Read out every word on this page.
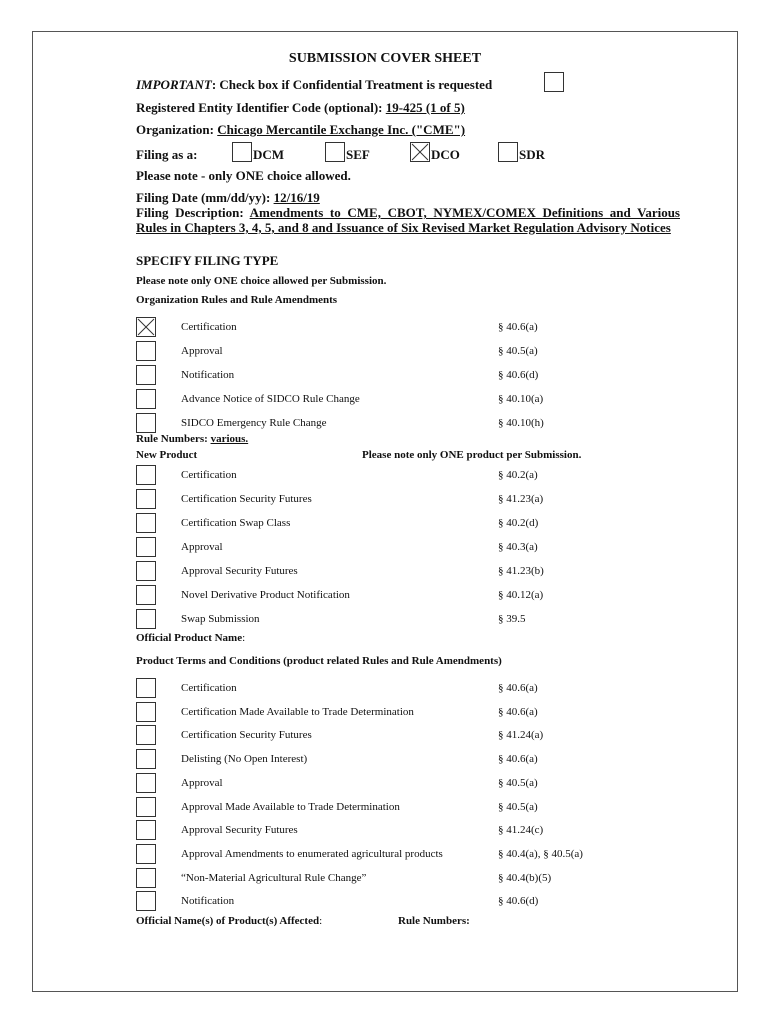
SUBMISSION COVER SHEET
IMPORTANT: Check box if Confidential Treatment is requested
Registered Entity Identifier Code (optional): 19-425 (1 of 5)
Organization: Chicago Mercantile Exchange Inc. ("CME")
Filing as a:	DCM	SEF	DCO	SDR
Please note - only ONE choice allowed.
Filing Date (mm/dd/yy): 12/16/19
Filing Description: Amendments to CME, CBOT, NYMEX/COMEX Definitions and Various Rules in Chapters 3, 4, 5, and 8 and Issuance of Six Revised Market Regulation Advisory Notices
SPECIFY FILING TYPE
Please note only ONE choice allowed per Submission.
Organization Rules and Rule Amendments
Certification	§ 40.6(a)
Approval	§ 40.5(a)
Notification	§ 40.6(d)
Advance Notice of SIDCO Rule Change	§ 40.10(a)
SIDCO Emergency Rule Change	§ 40.10(h)
Rule Numbers: various.
New Product	Please note only ONE product per Submission.
Certification	§ 40.2(a)
Certification Security Futures	§ 41.23(a)
Certification Swap Class	§ 40.2(d)
Approval	§ 40.3(a)
Approval Security Futures	§ 41.23(b)
Novel Derivative Product Notification	§ 40.12(a)
Swap Submission	§ 39.5
Official Product Name:
Product Terms and Conditions (product related Rules and Rule Amendments)
Certification	§ 40.6(a)
Certification Made Available to Trade Determination	§ 40.6(a)
Certification Security Futures	§ 41.24(a)
Delisting (No Open Interest)	§ 40.6(a)
Approval	§ 40.5(a)
Approval Made Available to Trade Determination	§ 40.5(a)
Approval Security Futures	§ 41.24(c)
Approval Amendments to enumerated agricultural products	§ 40.4(a), § 40.5(a)
“Non-Material Agricultural Rule Change”	§ 40.4(b)(5)
Notification	§ 40.6(d)
Official Name(s) of Product(s) Affected:	Rule Numbers:
